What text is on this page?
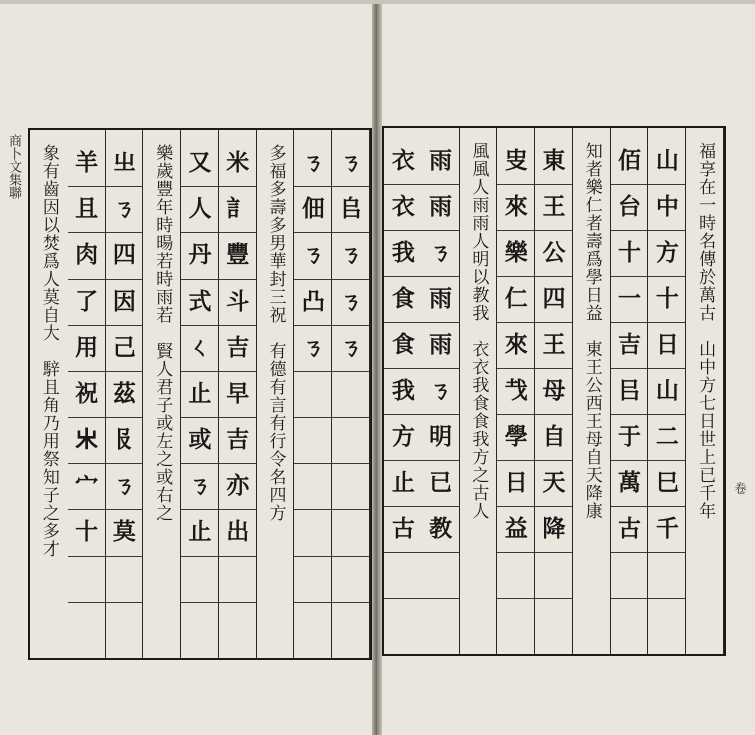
商卜文集聯
卷
ㄋ
𠂤
ㄋ
ㄋ
ㄋ
ㄋ
佃
ㄋ
凸
ㄋ
多福多壽多男華封三祝　有德有言有行令名四方
米
訁
豐
斗
吉
早
吉
亦
出
又
人
丹
式
ㄑ
止
或
ㄋ
止
樂歲豐年時暘若時雨若　賢人君子或左之或右之
㞢
ㄋ
四
因
己
茲
𠬝
ㄋ
莫
羊
且
肉
了
用
祝
𣎵
宀
十
象有齒因以焚爲人莫自大　騂且角乃用祭知子之多才	福享在一時名傳於萬古　山中方七日世上已千年
山
中
方
十
日
山
二
巳
千
佰
台
十
一
吉
㠯
于
萬
古
知者樂仁者壽爲學日益　東王公西王母自天降康
東
王
公
四
王
母
自
天
降
㕜
來
樂
仁
來
𢦏
學
日
益
風風人雨雨人明以教我　衣衣我食食我方之古人
雨
雨
ㄋ
雨
雨
ㄋ
明
已
教
衣
衣
我
食
食
我
方
止
古
